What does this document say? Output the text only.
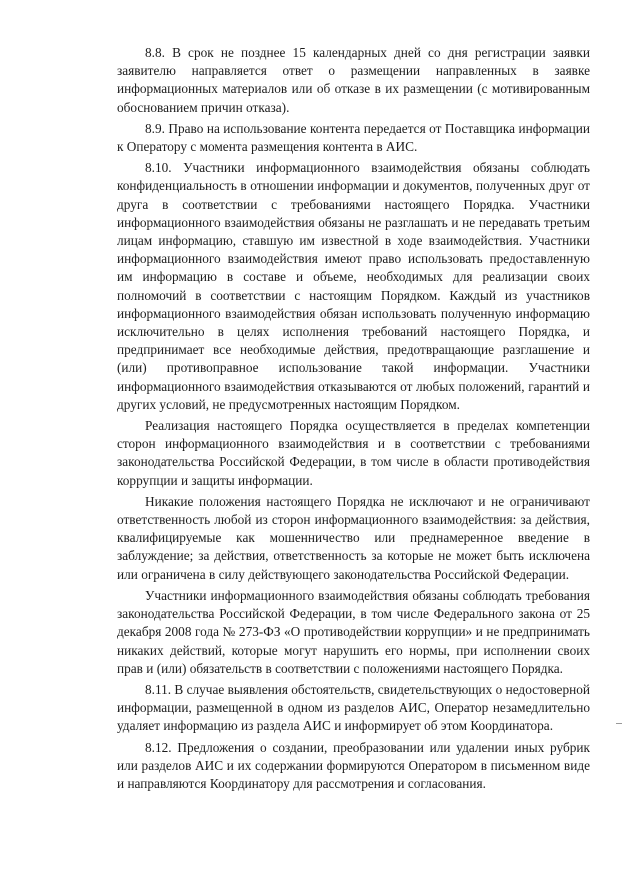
8.8. В срок не позднее 15 календарных дней со дня регистрации заявки заявителю направляется ответ о размещении направленных в заявке информационных материалов или об отказе в их размещении (с мотивированным обоснованием причин отказа).

8.9. Право на использование контента передается от Поставщика информации к Оператору с момента размещения контента в АИС.

8.10. Участники информационного взаимодействия обязаны соблюдать конфиденциальность в отношении информации и документов, полученных друг от друга в соответствии с требованиями настоящего Порядка. Участники информационного взаимодействия обязаны не разглашать и не передавать третьим лицам информацию, ставшую им известной в ходе взаимодействия. Участники информационного взаимодействия имеют право использовать предоставленную им информацию в составе и объеме, необходимых для реализации своих полномочий в соответствии с настоящим Порядком. Каждый из участников информационного взаимодействия обязан использовать полученную информацию исключительно в целях исполнения требований настоящего Порядка, и предпринимает все необходимые действия, предотвращающие разглашение и (или) противоправное использование такой информации. Участники информационного взаимодействия отказываются от любых положений, гарантий и других условий, не предусмотренных настоящим Порядком.

Реализация настоящего Порядка осуществляется в пределах компетенции сторон информационного взаимодействия и в соответствии с требованиями законодательства Российской Федерации, в том числе в области противодействия коррупции и защиты информации.

Никакие положения настоящего Порядка не исключают и не ограничивают ответственность любой из сторон информационного взаимодействия: за действия, квалифицируемые как мошенничество или преднамеренное введение в заблуждение; за действия, ответственность за которые не может быть исключена или ограничена в силу действующего законодательства Российской Федерации.

Участники информационного взаимодействия обязаны соблюдать требования законодательства Российской Федерации, в том числе Федерального закона от 25 декабря 2008 года № 273-ФЗ «О противодействии коррупции» и не предпринимать никаких действий, которые могут нарушить его нормы, при исполнении своих прав и (или) обязательств в соответствии с положениями настоящего Порядка.

8.11. В случае выявления обстоятельств, свидетельствующих о недостоверной информации, размещенной в одном из разделов АИС, Оператор незамедлительно удаляет информацию из раздела АИС и информирует об этом Координатора.

8.12. Предложения о создании, преобразовании или удалении иных рубрик или разделов АИС и их содержании формируются Оператором в письменном виде и направляются Координатору для рассмотрения и согласования.
